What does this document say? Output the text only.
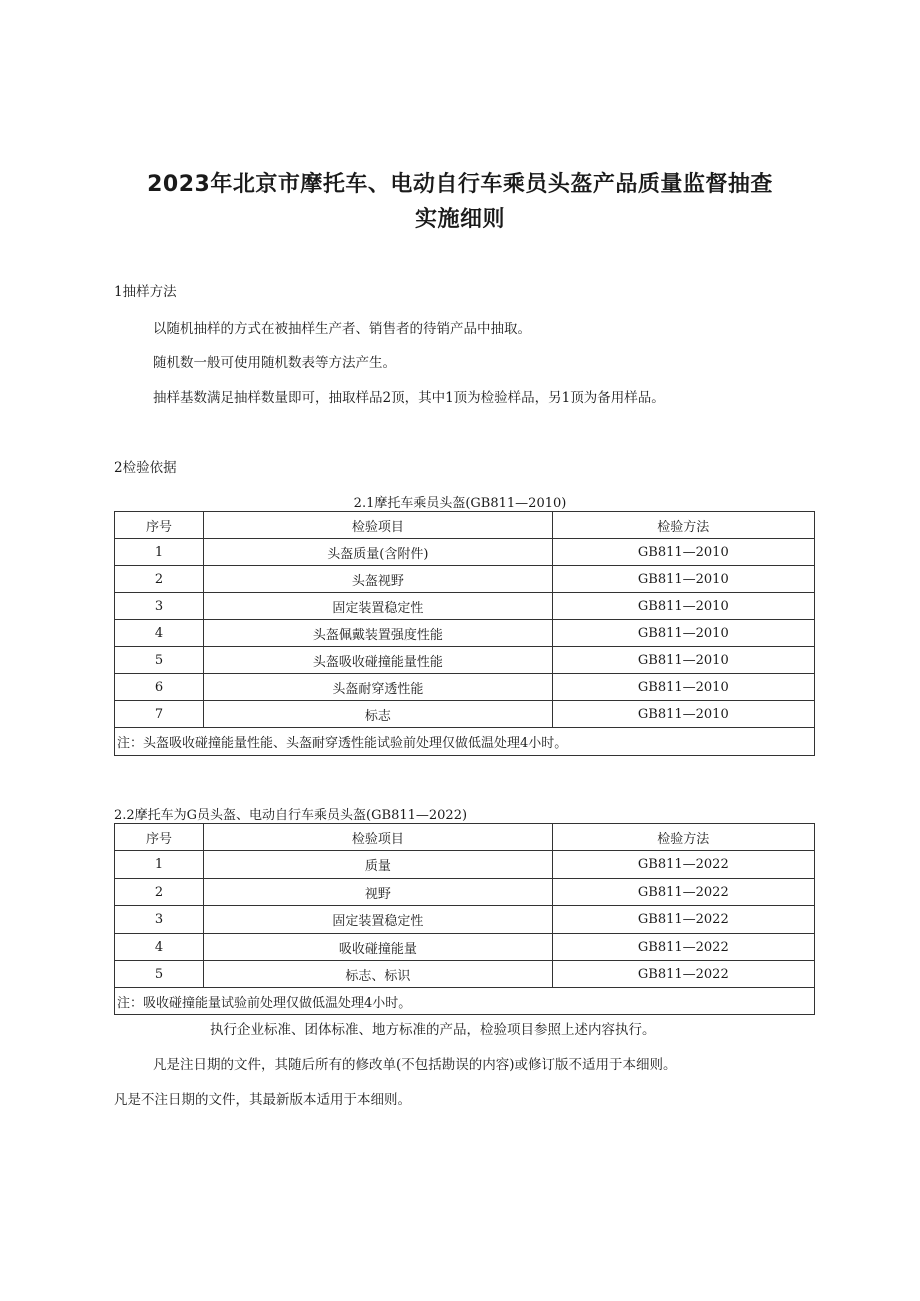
2023年北京市摩托车、电动自行车乘员头盔产品质量监督抽查
实施细则
1抽样方法
以随机抽样的方式在被抽样生产者、销售者的待销产品中抽取。
随机数一般可使用随机数表等方法产生。
抽样基数满足抽样数量即可，抽取样品2顶，其中1顶为检验样品，另1顶为备用样品。
2检验依据
2.1摩托车乘员头盔(GB811—2010)
序号	检验项目	检验方法
1	头盔质量(含附件)	GB811—2010
2	头盔视野	GB811—2010
3	固定装置稳定性	GB811—2010
4	头盔佩戴装置强度性能	GB811—2010
5	头盔吸收碰撞能量性能	GB811—2010
6	头盔耐穿透性能	GB811—2010
7	标志	GB811—2010
注：头盔吸收碰撞能量性能、头盔耐穿透性能试验前处理仅做低温处理4小时。		
2.2摩托车为G员头盔、电动自行车乘员头盔(GB811—2022)
序号	检验项目	检验方法
1	质量	GB811—2022
2	视野	GB811—2022
3	固定装置稳定性	GB811—2022
4	吸收碰撞能量	GB811—2022
5	标志、标识	GB811—2022
注：吸收碰撞能量试验前处理仅做低温处理4小时。		
执行企业标准、团体标准、地方标准的产品，检验项目参照上述内容执行。
凡是注日期的文件，其随后所有的修改单(不包括勘误的内容)或修订版不适用于本细则。
凡是不注日期的文件，其最新版本适用于本细则。
